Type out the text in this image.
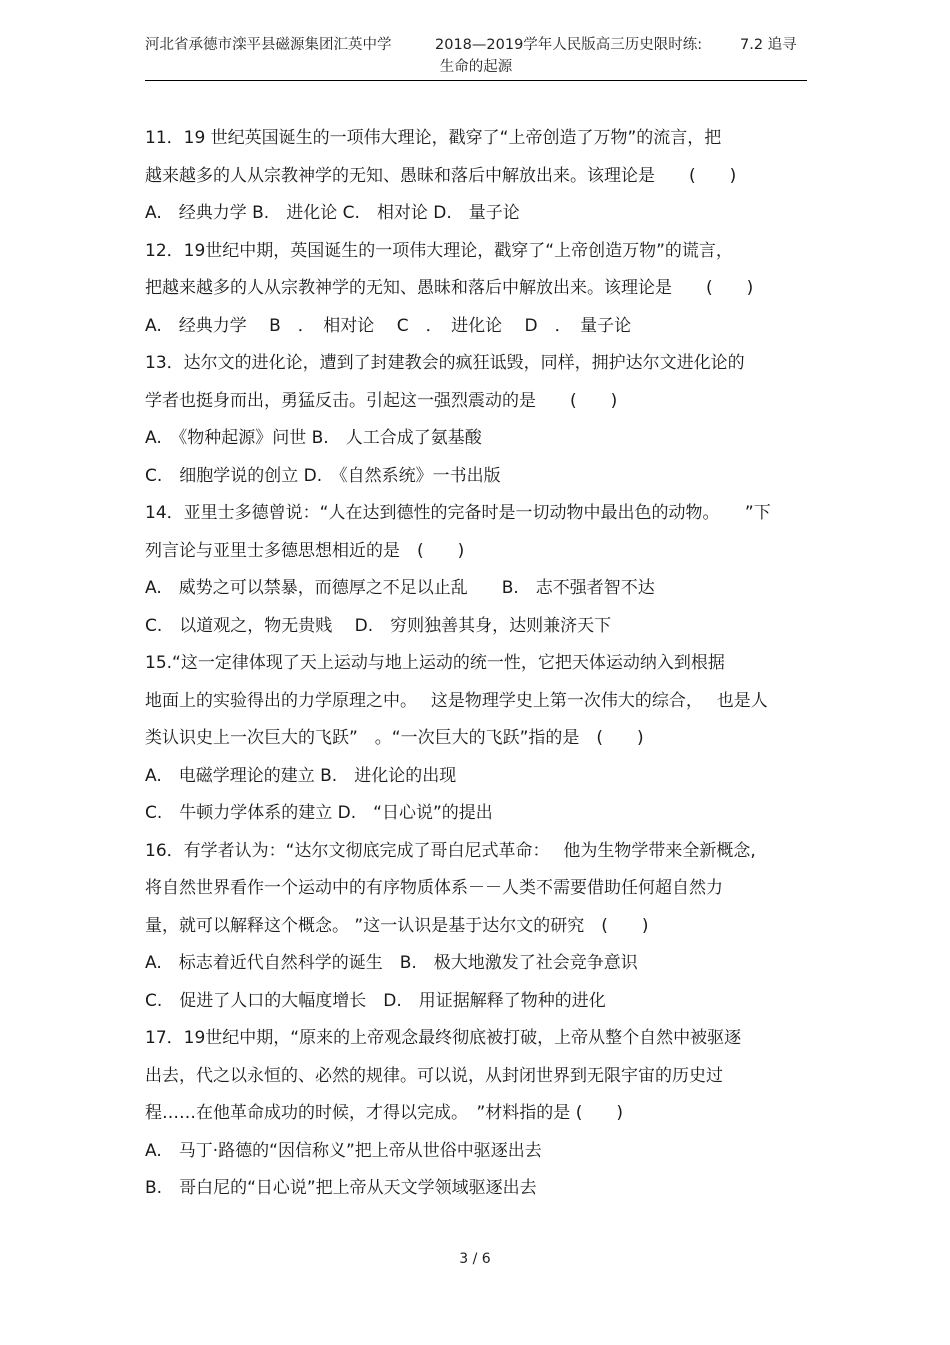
河北省承德市滦平县磁源集团汇英中学	2018—2019学年人民版高三历史限时练:	7.2 追寻
生命的起源
11．19 世纪英国诞生的一项伟大理论，戳穿了“上帝创造了万物”的流言，把
越来越多的人从宗教神学的无知、愚昧和落后中解放出来。该理论是　　(　　)
A.　经典力学 B.　进化论 C.　相对论 D.　量子论
12．19世纪中期，英国诞生的一项伟大理论，戳穿了“上帝创造万物”的谎言，
把越来越多的人从宗教神学的无知、愚昧和落后中解放出来。该理论是　　(　　)
A.　经典力学　 B　．　相对论　 C　．　进化论　 D　．　量子论
13．达尔文的进化论，遭到了封建教会的疯狂诋毁，同样，拥护达尔文进化论的
学者也挺身而出，勇猛反击。引起这一强烈震动的是　　(　　)
A.　《物种起源》问世 B.　人工合成了氨基酸
C.　细胞学说的创立 D.　《自然系统》一书出版
14．亚里士多德曾说：“人在达到德性的完备时是一切动物中最出色的动物。　　”下
列言论与亚里士多德思想相近的是　(　　)
A.　威势之可以禁暴，而德厚之不足以止乱　　B.　志不强者智不达
C.　以道观之，物无贵贱　 D.　穷则独善其身，达则兼济天下
15.“这一定律体现了天上运动与地上运动的统一性，它把天体运动纳入到根据
地面上的实验得出的力学原理之中。　 这是物理学史上第一次伟大的综合，　 也是人
类认识史上一次巨大的飞跃”　。“一次巨大的飞跃”指的是　(　　)
A.　电磁学理论的建立 B.　进化论的出现
C.　牛顿力学体系的建立 D.　“日心说”的提出
16．有学者认为：“达尔文彻底完成了哥白尼式革命：　 他为生物学带来全新概念,
将自然世界看作一个运动中的有序物质体系－－人类不需要借助任何超自然力
量，就可以解释这个概念。 ”这一认识是基于达尔文的研究　(　　)
A.　标志着近代自然科学的诞生　B.　极大地激发了社会竞争意识
C.　促进了人口的大幅度增长　D.　用证据解释了物种的进化
17．19世纪中期，“原来的上帝观念最终彻底被打破，上帝从整个自然中被驱逐
出去，代之以永恒的、必然的规律。可以说，从封闭世界到无限宇宙的历史过
程……在他革命成功的时候，才得以完成。　”材料指的是 (　　)
A.　马丁·路德的“因信称义”把上帝从世俗中驱逐出去
B.　哥白尼的“日心说”把上帝从天文学领域驱逐出去
3 / 6
